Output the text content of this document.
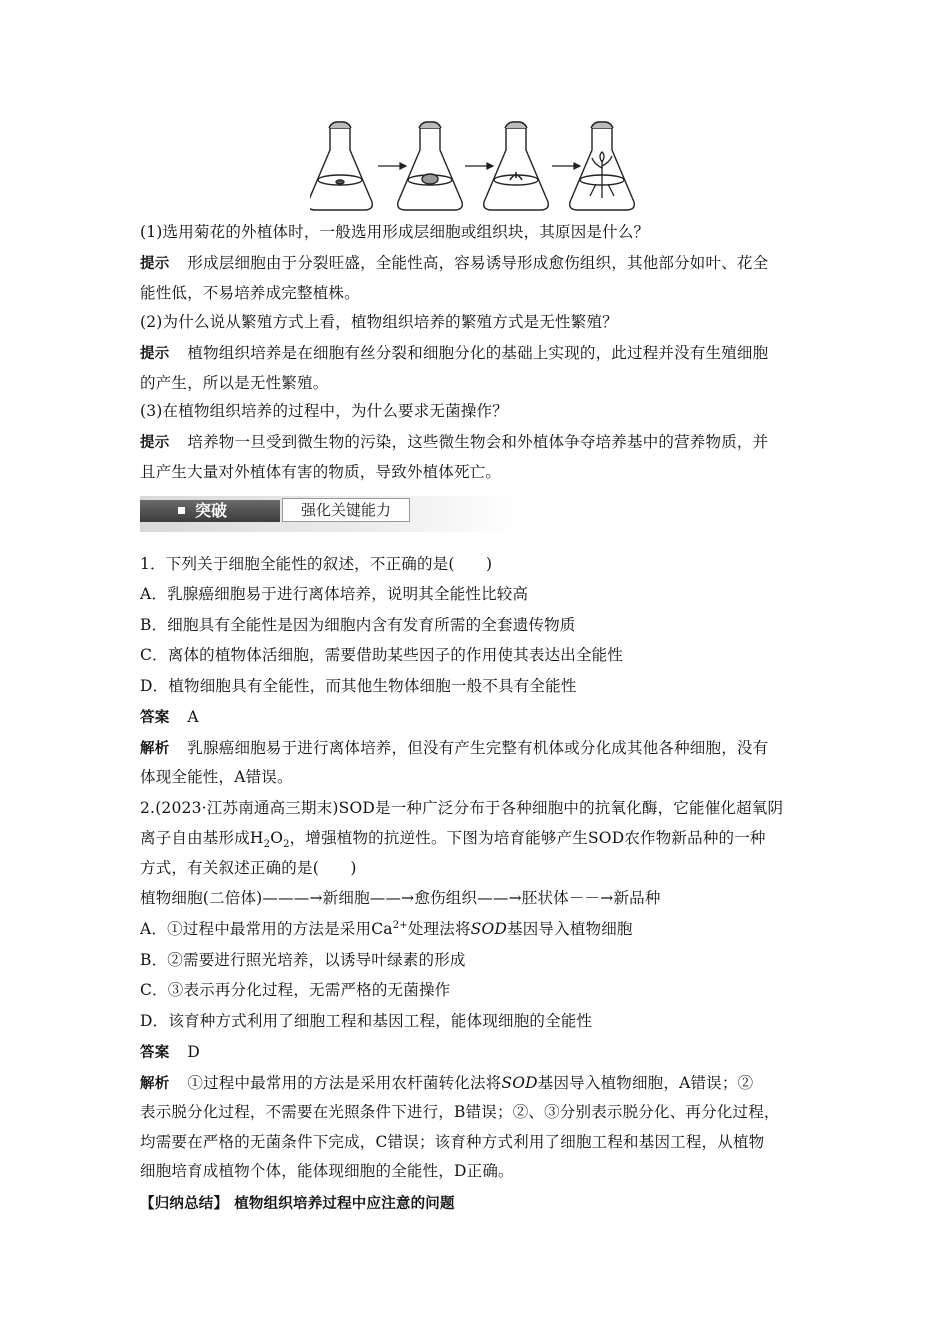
(1)选用菊花的外植体时，一般选用形成层细胞或组织块，其原因是什么？
提示 形成层细胞由于分裂旺盛，全能性高，容易诱导形成愈伤组织，其他部分如叶、花全
能性低，不易培养成完整植株。
(2)为什么说从繁殖方式上看，植物组织培养的繁殖方式是无性繁殖？
提示 植物组织培养是在细胞有丝分裂和细胞分化的基础上实现的，此过程并没有生殖细胞
的产生，所以是无性繁殖。
(3)在植物组织培养的过程中，为什么要求无菌操作？
提示 培养物一旦受到微生物的污染，这些微生物会和外植体争夺培养基中的营养物质，并
且产生大量对外植体有害的物质，导致外植体死亡。
突破	强化关键能力
1．下列关于细胞全能性的叙述，不正确的是(　　)
A．乳腺癌细胞易于进行离体培养，说明其全能性比较高
B．细胞具有全能性是因为细胞内含有发育所需的全套遗传物质
C．离体的植物体活细胞，需要借助某些因子的作用使其表达出全能性
D．植物细胞具有全能性，而其他生物体细胞一般不具有全能性
答案 A
解析 乳腺癌细胞易于进行离体培养，但没有产生完整有机体或分化成其他各种细胞，没有
体现全能性，A错误。
2.(2023·江苏南通高三期末)SOD是一种广泛分布于各种细胞中的抗氧化酶，它能催化超氧阴
离子自由基形成$H_2O_2$，增强植物的抗逆性。下图为培育能够产生SOD农作物新品种的一种
方式，有关叙述正确的是(　　)
植物细胞(二倍体)———→新细胞——→愈伤组织——→胚状体－－→新品种
A．①过程中最常用的方法是采用$Ca^{2+}$处理法将SOD基因导入植物细胞
B．②需要进行照光培养，以诱导叶绿素的形成
C．③表示再分化过程，无需严格的无菌操作
D．该育种方式利用了细胞工程和基因工程，能体现细胞的全能性
答案 D
解析 ①过程中最常用的方法是采用农杆菌转化法将SOD基因导入植物细胞，A错误；②
表示脱分化过程，不需要在光照条件下进行，B错误；②、③分别表示脱分化、再分化过程，
均需要在严格的无菌条件下完成，C错误；该育种方式利用了细胞工程和基因工程，从植物
细胞培育成植物个体，能体现细胞的全能性，D正确。
【归纳总结】 植物组织培养过程中应注意的问题
